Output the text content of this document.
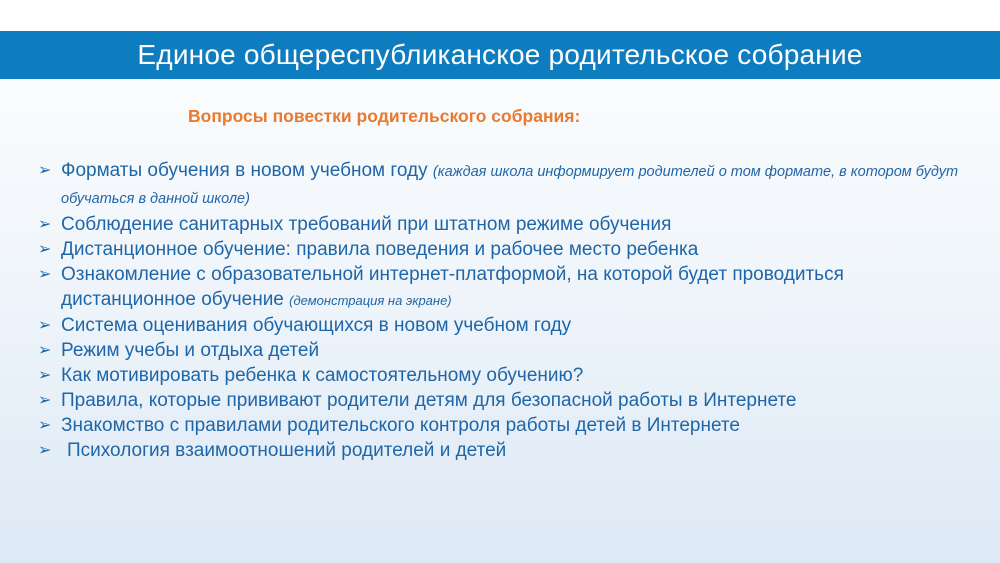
Единое общереспубликанское родительское собрание
Вопросы повестки родительского собрания:
➢ Форматы обучения в новом учебном году (каждая школа информирует родителей о том формате, в котором будут обучаться в данной школе)
➢ Соблюдение санитарных требований при штатном режиме обучения
➢ Дистанционное обучение: правила поведения и рабочее место ребенка
➢ Ознакомление с образовательной интернет-платформой, на которой будет проводиться дистанционное обучение (демонстрация на экране)
➢ Система оценивания обучающихся в новом учебном году
➢ Режим учебы и отдыха детей
➢ Как мотивировать ребенка к самостоятельному обучению?
➢ Правила, которые прививают родители детям для безопасной работы в Интернете
➢ Знакомство с правилами родительского контроля работы детей в Интернете
➢ Психология взаимоотношений родителей и детей
